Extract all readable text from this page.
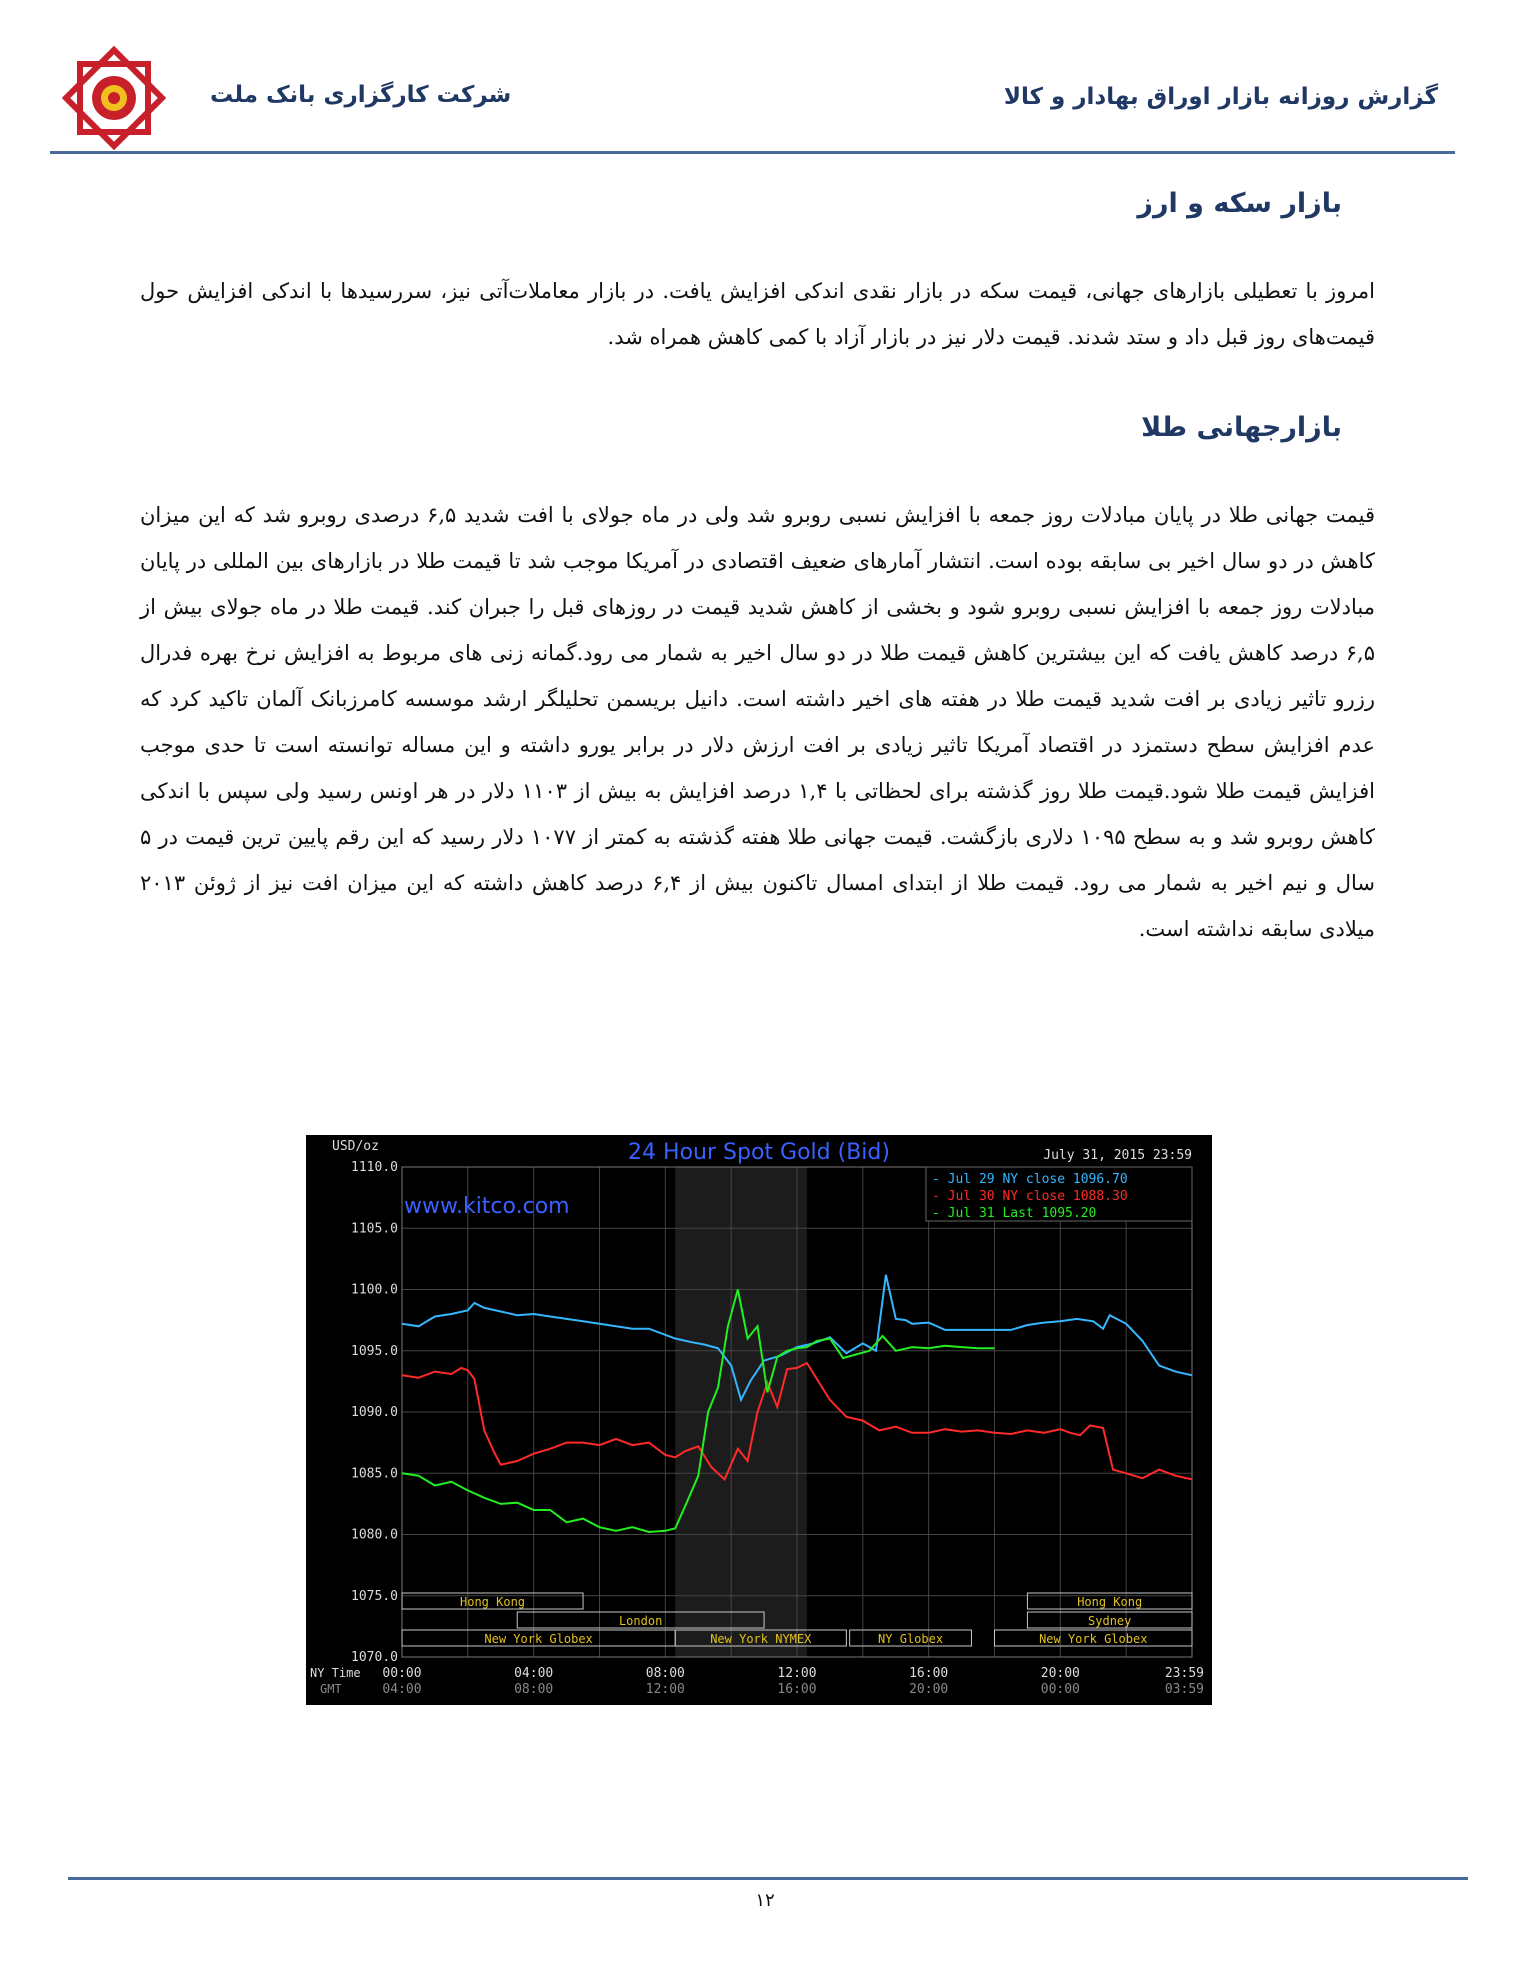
شرکت کارگزاری بانک ملت	گزارش روزانه بازار اوراق بهادار و کالا
بازار سکه و ارز
امروز با تعطیلی بازارهای جهانی، قیمت سکه در بازار نقدی اندکی افزایش یافت. در بازار معاملات‌آتی نیز، سررسیدها با اندکی افزایش حول قیمت‌های روز قبل داد و ستد شدند. قیمت دلار نیز در بازار آزاد با کمی کاهش همراه شد.
بازارجهانی طلا
قیمت جهانی طلا در پایان مبادلات روز جمعه با افزایش نسبی روبرو شد ولی در ماه جولای با افت شدید ۶,۵ درصدی روبرو شد که این میزان کاهش در دو سال اخیر بی سابقه بوده است. انتشار آمارهای ضعیف اقتصادی در آمریکا موجب شد تا قیمت طلا در بازارهای بین المللی در پایان مبادلات روز جمعه با افزایش نسبی روبرو شود و بخشی از کاهش شدید قیمت در روزهای قبل را جبران کند. قیمت طلا در ماه جولای بیش از ۶,۵ درصد کاهش یافت که این بیشترین کاهش قیمت طلا در دو سال اخیر به شمار می رود.گمانه زنی های مربوط به افزایش نرخ بهره فدرال رزرو تاثیر زیادی بر افت شدید قیمت طلا در هفته های اخیر داشته است. دانیل بریسمن تحلیلگر ارشد موسسه کامرزبانک آلمان تاکید کرد که عدم افزایش سطح دستمزد در اقتصاد آمریکا تاثیر زیادی بر افت ارزش دلار در برابر یورو داشته و این مساله توانسته است تا حدی موجب افزایش قیمت طلا شود.قیمت طلا روز گذشته برای لحظاتی با ۱,۴ درصد افزایش به بیش از ۱۱۰۳ دلار در هر اونس رسید ولی سپس با اندکی کاهش روبرو شد و به سطح ۱۰۹۵ دلاری بازگشت. قیمت جهانی طلا هفته گذشته به کمتر از ۱۰۷۷ دلار رسید که این رقم پایین ترین قیمت در ۵ سال و نیم اخیر به شمار می رود. قیمت طلا از ابتدای امسال تاکنون بیش از ۶,۴ درصد کاهش داشته که این میزان افت نیز از ژوئن ۲۰۱۳ میلادی سابقه نداشته است.
1110.0
1105.0
1100.0
1095.0
1090.0
1085.0
1080.0
1075.0
1070.0
USD/oz
NY Time
GMT
00:00
04:00
04:00
08:00
08:00
12:00
12:00
16:00
16:00
20:00
20:00
00:00
23:59
03:59
Hong Kong
London
New York Globex	New York NYMEX	NY Globex
Hong Kong
Sydney
New York Globex
24 Hour Spot Gold (Bid)	July 31, 2015 23:59
www.kitco.com
- Jul 29 NY close 1096.70
- Jul 30 NY close 1088.30
- Jul 31 Last 1095.20
۱۲
